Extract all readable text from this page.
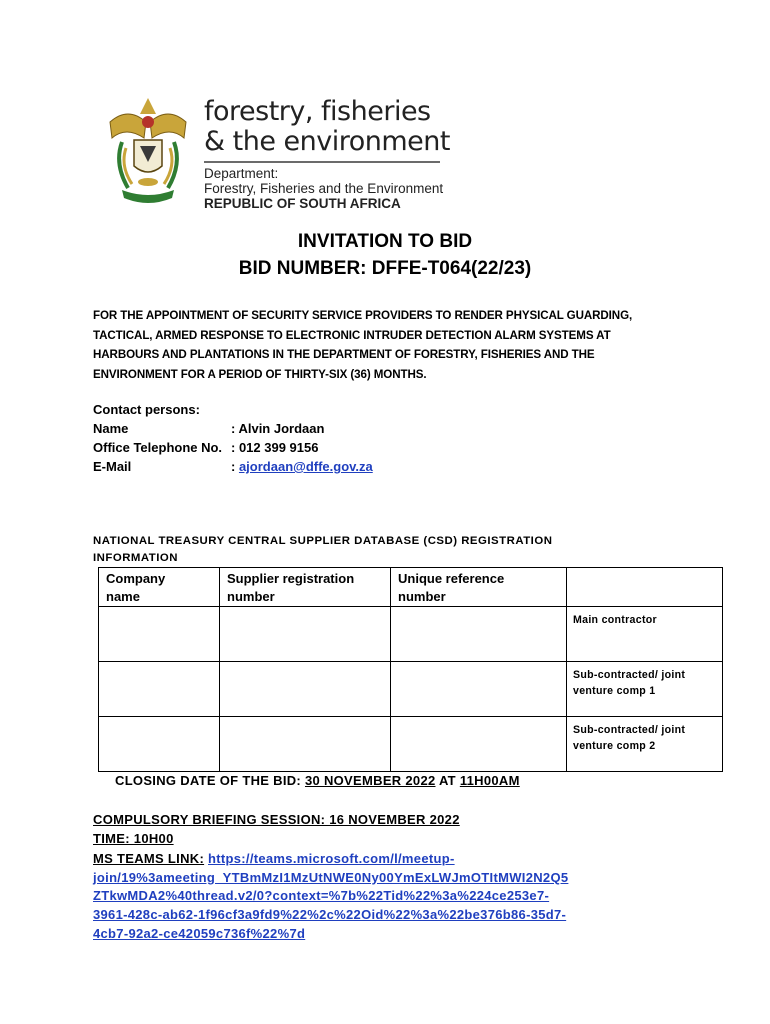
forestry, fisheries
& the environment
Department:
Forestry, Fisheries and the Environment
REPUBLIC OF SOUTH AFRICA
INVITATION TO BID
BID NUMBER: DFFE-T064(22/23)
FOR THE APPOINTMENT OF SECURITY SERVICE PROVIDERS TO RENDER PHYSICAL GUARDING,
TACTICAL, ARMED RESPONSE TO ELECTRONIC INTRUDER DETECTION ALARM SYSTEMS AT
HARBOURS AND PLANTATIONS IN THE DEPARTMENT OF FORESTRY, FISHERIES AND THE
ENVIRONMENT FOR A PERIOD OF THIRTY-SIX (36) MONTHS.
Contact persons:
Name	: Alvin Jordaan
Office Telephone No. : 012 399 9156
E-Mail	: ajordaan@dffe.gov.za
NATIONAL TREASURY CENTRAL SUPPLIER DATABASE (CSD) REGISTRATION
INFORMATION
Company name	Supplier registration number	Unique reference number	

			Main contractor

			Sub-contracted/ joint venture comp 1

			Sub-contracted/ joint venture comp 2
CLOSING DATE OF THE BID: 30 NOVEMBER 2022 AT 11H00AM
COMPULSORY BRIEFING SESSION: 16 NOVEMBER 2022
TIME: 10H00
MS TEAMS LINK: https://teams.microsoft.com/l/meetup-
join/19%3ameeting_YTBmMzI1MzUtNWE0Ny00YmExLWJmOTItMWI2N2Q5
ZTkwMDA2%40thread.v2/0?context=%7b%22Tid%22%3a%224ce253e7-
3961-428c-ab62-1f96cf3a9fd9%22%2c%22Oid%22%3a%22be376b86-35d7-
4cb7-92a2-ce42059c736f%22%7d
